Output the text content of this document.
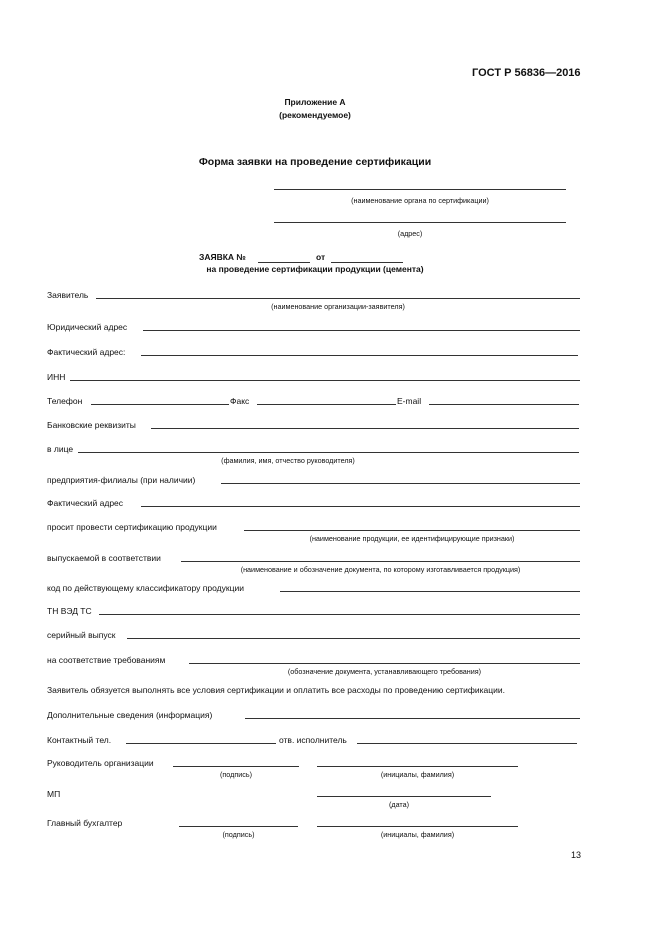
ГОСТ Р 56836—2016
Приложение А
(рекомендуемое)
Форма заявки на проведение сертификации
(наименование органа по сертификации)
(адрес)
ЗАЯВКА №	от
на проведение сертификации продукции (цемента)
Заявитель
(наименование организации-заявителя)
Юридический адрес
Фактический адрес:
ИНН
Телефон	Факс	E-mail
Банковские реквизиты
в лице
(фамилия, имя, отчество руководителя)
предприятия-филиалы (при наличии)
Фактический адрес
просит провести сертификацию продукции
(наименование продукции, ее идентифицирующие признаки)
выпускаемой в соответствии
(наименование и обозначение документа, по которому изготавливается продукция)
код по действующему классификатору продукции
ТН ВЭД ТС
серийный выпуск
на соответствие требованиям
(обозначение документа, устанавливающего требования)
Заявитель обязуется выполнять все условия сертификации и оплатить все расходы по проведению сертификации.
Дополнительные сведения (информация)
Контактный тел.	отв. исполнитель
Руководитель организации
(подпись)	(инициалы, фамилия)
МП
(дата)
Главный бухгалтер
(подпись)	(инициалы, фамилия)
13
